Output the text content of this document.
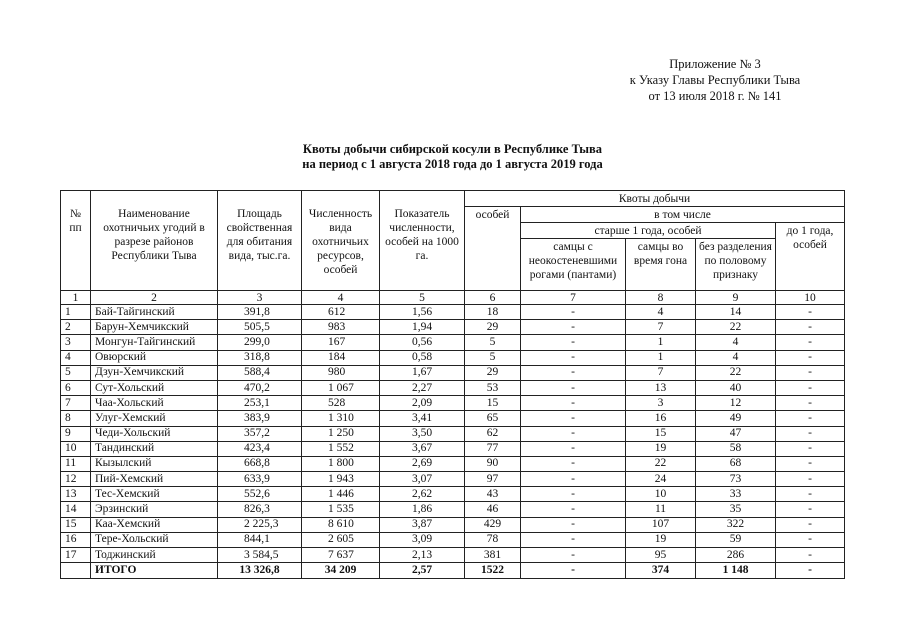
Приложение № 3
к Указу Главы Республики Тыва
от 13 июля 2018 г. № 141
Квоты добычи сибирской косули в Республике Тыва
на период с 1 августа 2018 года до 1 августа 2019 года
№ пп	Наименование охотничьих угодий в разрезе районов Республики Тыва	Площадь свойственная для обитания вида, тыс.га.	Численность вида охотничьих ресурсов, особей	Показатель численности, особей на 1000 га.	Квоты добычи				
					особей	в том числе			
						старше 1 года, особей			до 1 года, особей
						самцы с неокостеневшими рогами (пантами)	самцы во время гона	без разделения по половому признаку	
1	2	3	4	5	6	7	8	9	10
1	Бай-Тайгинский	391,8	612	1,56	18	-	4	14	-
2	Барун-Хемчикский	505,5	983	1,94	29	-	7	22	-
3	Монгун-Тайгинский	299,0	167	0,56	5	-	1	4	-
4	Овюрский	318,8	184	0,58	5	-	1	4	-
5	Дзун-Хемчикский	588,4	980	1,67	29	-	7	22	-
6	Сут-Хольский	470,2	1 067	2,27	53	-	13	40	-
7	Чаа-Хольский	253,1	528	2,09	15	-	3	12	-
8	Улуг-Хемский	383,9	1 310	3,41	65	-	16	49	-
9	Чеди-Хольский	357,2	1 250	3,50	62	-	15	47	-
10	Тандинский	423,4	1 552	3,67	77	-	19	58	-
11	Кызылский	668,8	1 800	2,69	90	-	22	68	-
12	Пий-Хемский	633,9	1 943	3,07	97	-	24	73	-
13	Тес-Хемский	552,6	1 446	2,62	43	-	10	33	-
14	Эрзинский	826,3	1 535	1,86	46	-	11	35	-
15	Каа-Хемский	2 225,3	8 610	3,87	429	-	107	322	-
16	Тере-Хольский	844,1	2 605	3,09	78	-	19	59	-
17	Тоджинский	3 584,5	7 637	2,13	381	-	95	286	-
	ИТОГО	13 326,8	34 209	2,57	1522	-	374	1 148	-
